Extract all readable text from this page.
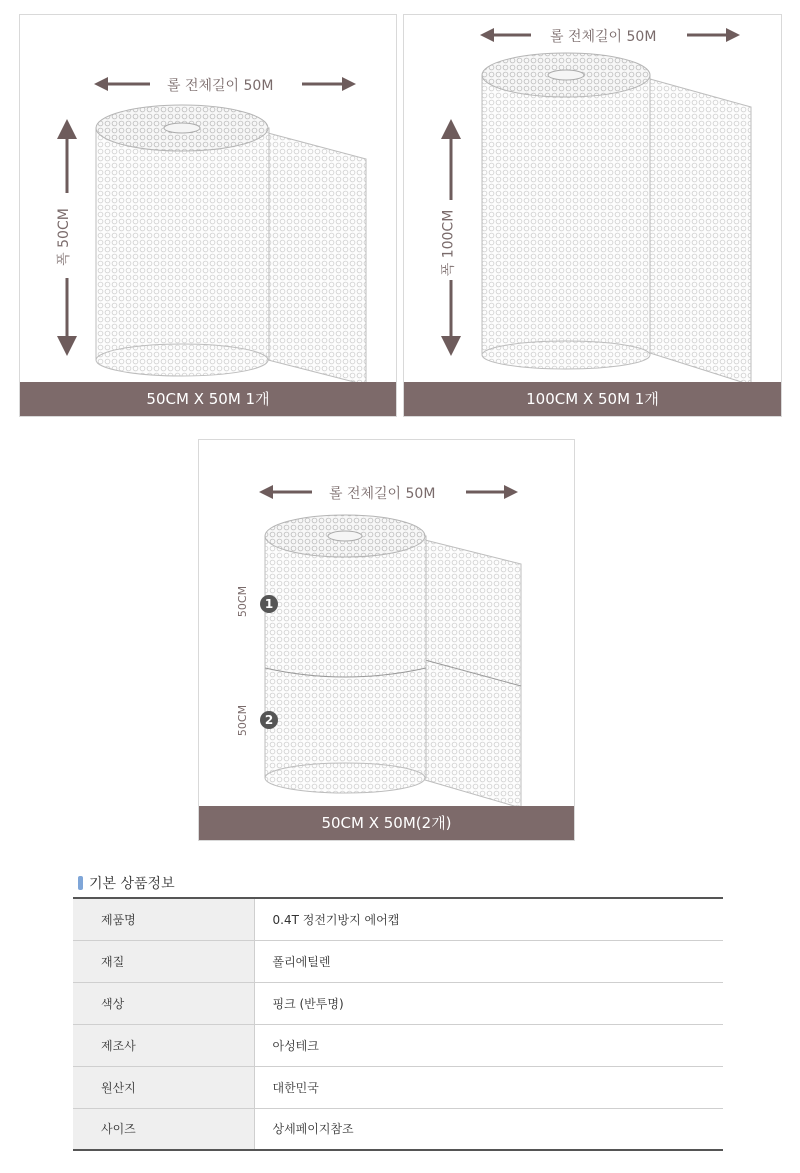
롤 전체길이 50M
폭 50CM
50CM X 50M 1개
롤 전체길이 50M
폭 100CM
100CM X 50M 1개
롤 전체길이 50M
50CM	1
50CM	2
50CM X 50M(2개)
기본 상품정보
제품명	0.4T 정전기방지 에어캡
재질	폴리에틸렌
색상	핑크 (반투명)
제조사	아성테크
원산지	대한민국
사이즈	상세페이지참조
